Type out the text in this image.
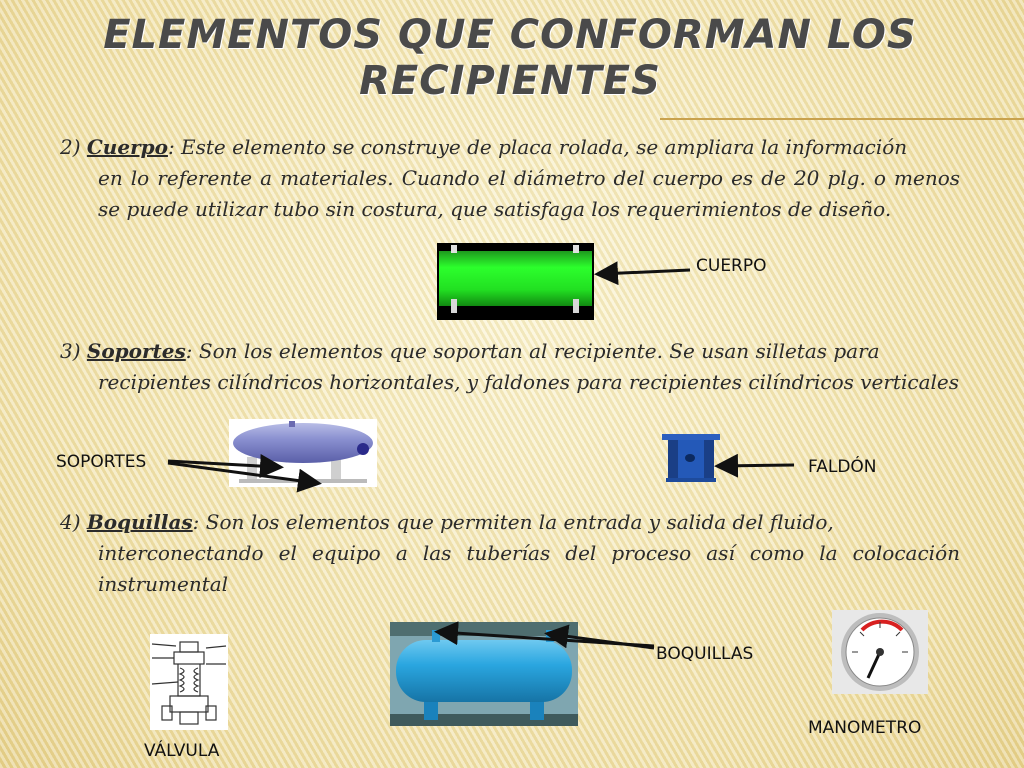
ELEMENTOS QUE CONFORMAN LOS
RECIPIENTES
2) Cuerpo: Este elemento se construye de placa rolada, se ampliara la información
en lo referente a materiales. Cuando el diámetro del cuerpo es de 20 plg. o menos se puede utilizar tubo sin costura, que satisfaga los requerimientos de diseño.
3) Soportes: Son los elementos que soportan al recipiente. Se usan silletas para
recipientes cilíndricos horizontales, y faldones para recipientes cilíndricos verticales
4) Boquillas: Son los elementos que permiten la entrada y salida del fluido,
interconectando el equipo a las tuberías del proceso así como la colocación instrumental
CUERPO
SOPORTES	FALDÓN
BOQUILLAS
MANOMETRO
VÁLVULA
